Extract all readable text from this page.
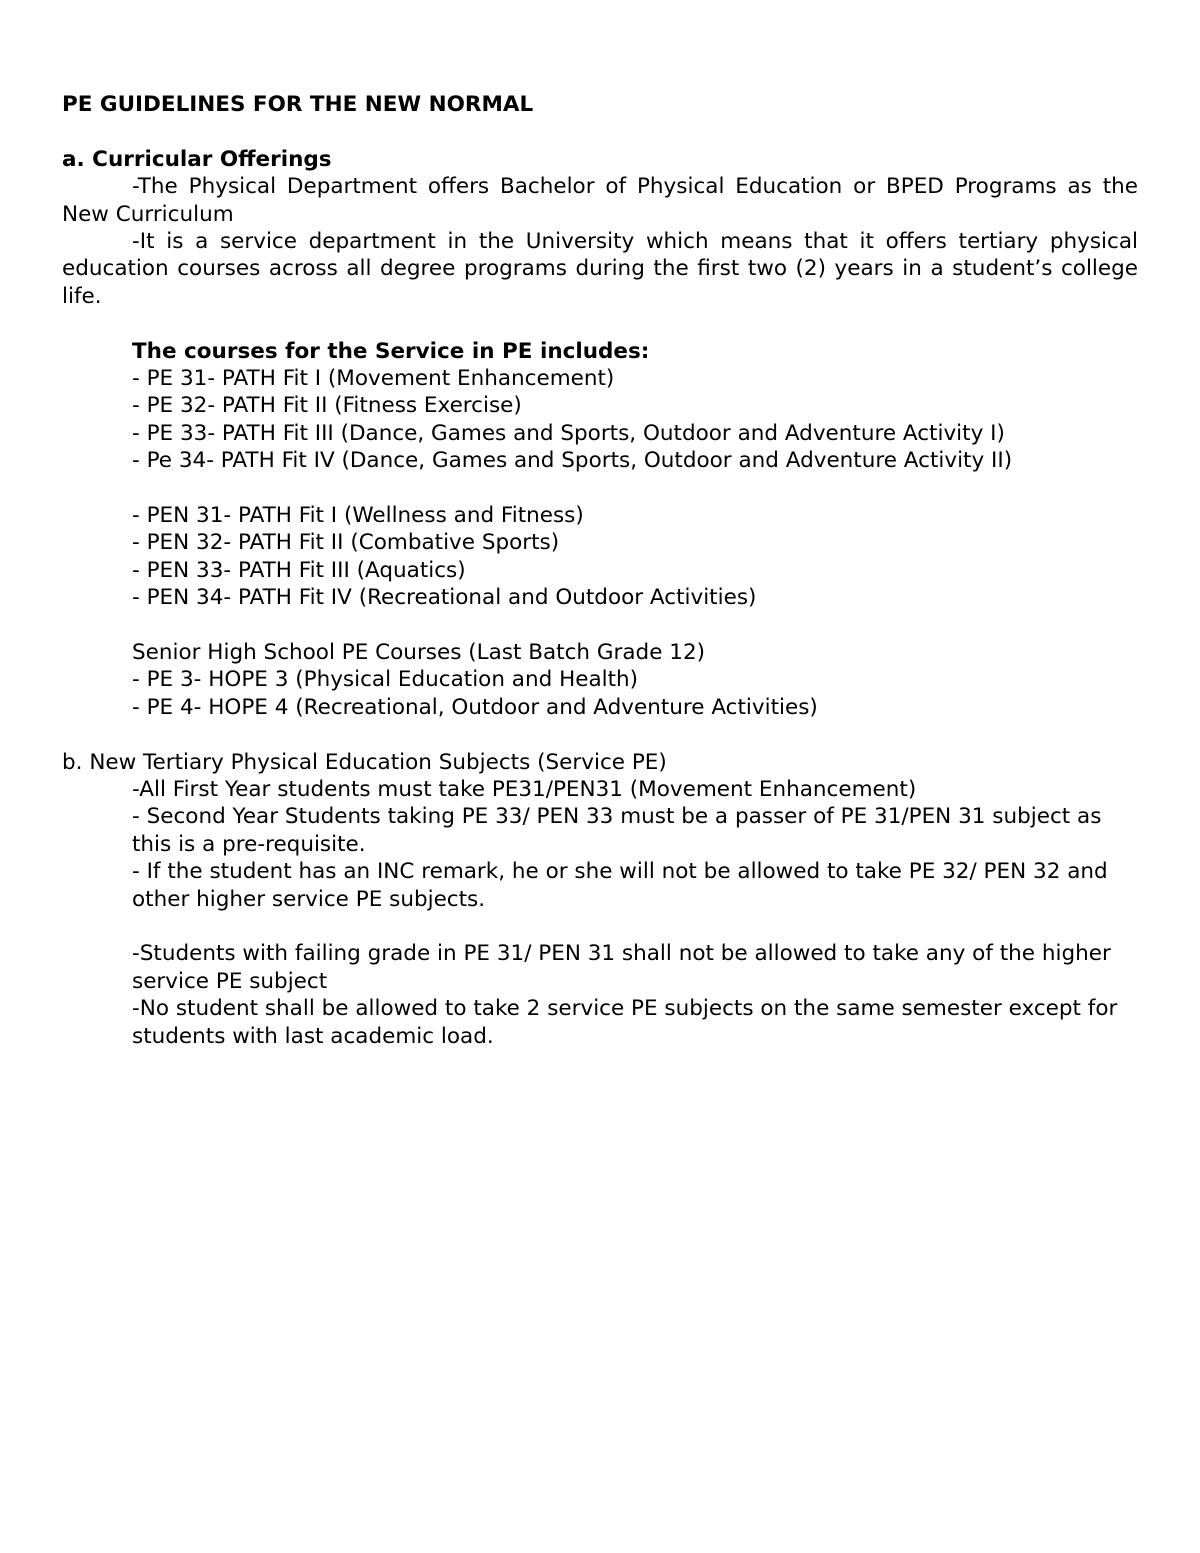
PE GUIDELINES FOR THE NEW NORMAL

a. Curricular Offerings

-The Physical Department offers Bachelor of Physical Education or BPED Programs as the New Curriculum

-It is a service department in the University which means that it offers tertiary physical education courses across all degree programs during the first two (2) years in a student’s college life.

The courses for the Service in PE includes:

- PE 31- PATH Fit I (Movement Enhancement)

- PE 32- PATH Fit II (Fitness Exercise)

- PE 33- PATH Fit III (Dance, Games and Sports, Outdoor and Adventure Activity I)

- Pe 34- PATH Fit IV (Dance, Games and Sports, Outdoor and Adventure Activity II)

- PEN 31- PATH Fit I (Wellness and Fitness)

- PEN 32- PATH Fit II (Combative Sports)

- PEN 33- PATH Fit III (Aquatics)

- PEN 34- PATH Fit IV (Recreational and Outdoor Activities)

Senior High School PE Courses (Last Batch Grade 12)

- PE 3- HOPE 3 (Physical Education and Health)

- PE 4- HOPE 4 (Recreational, Outdoor and Adventure Activities)

b. New Tertiary Physical Education Subjects (Service PE)

-All First Year students must take PE31/PEN31 (Movement Enhancement)

- Second Year Students taking PE 33/ PEN 33 must be a passer of PE 31/PEN 31 subject as this is a pre-requisite.

- If the student has an INC remark, he or she will not be allowed to take PE 32/ PEN 32 and other higher service PE subjects.

-Students with failing grade in PE 31/ PEN 31 shall not be allowed to take any of the higher service PE subject

-No student shall be allowed to take 2 service PE subjects on the same semester except for students with last academic load.
